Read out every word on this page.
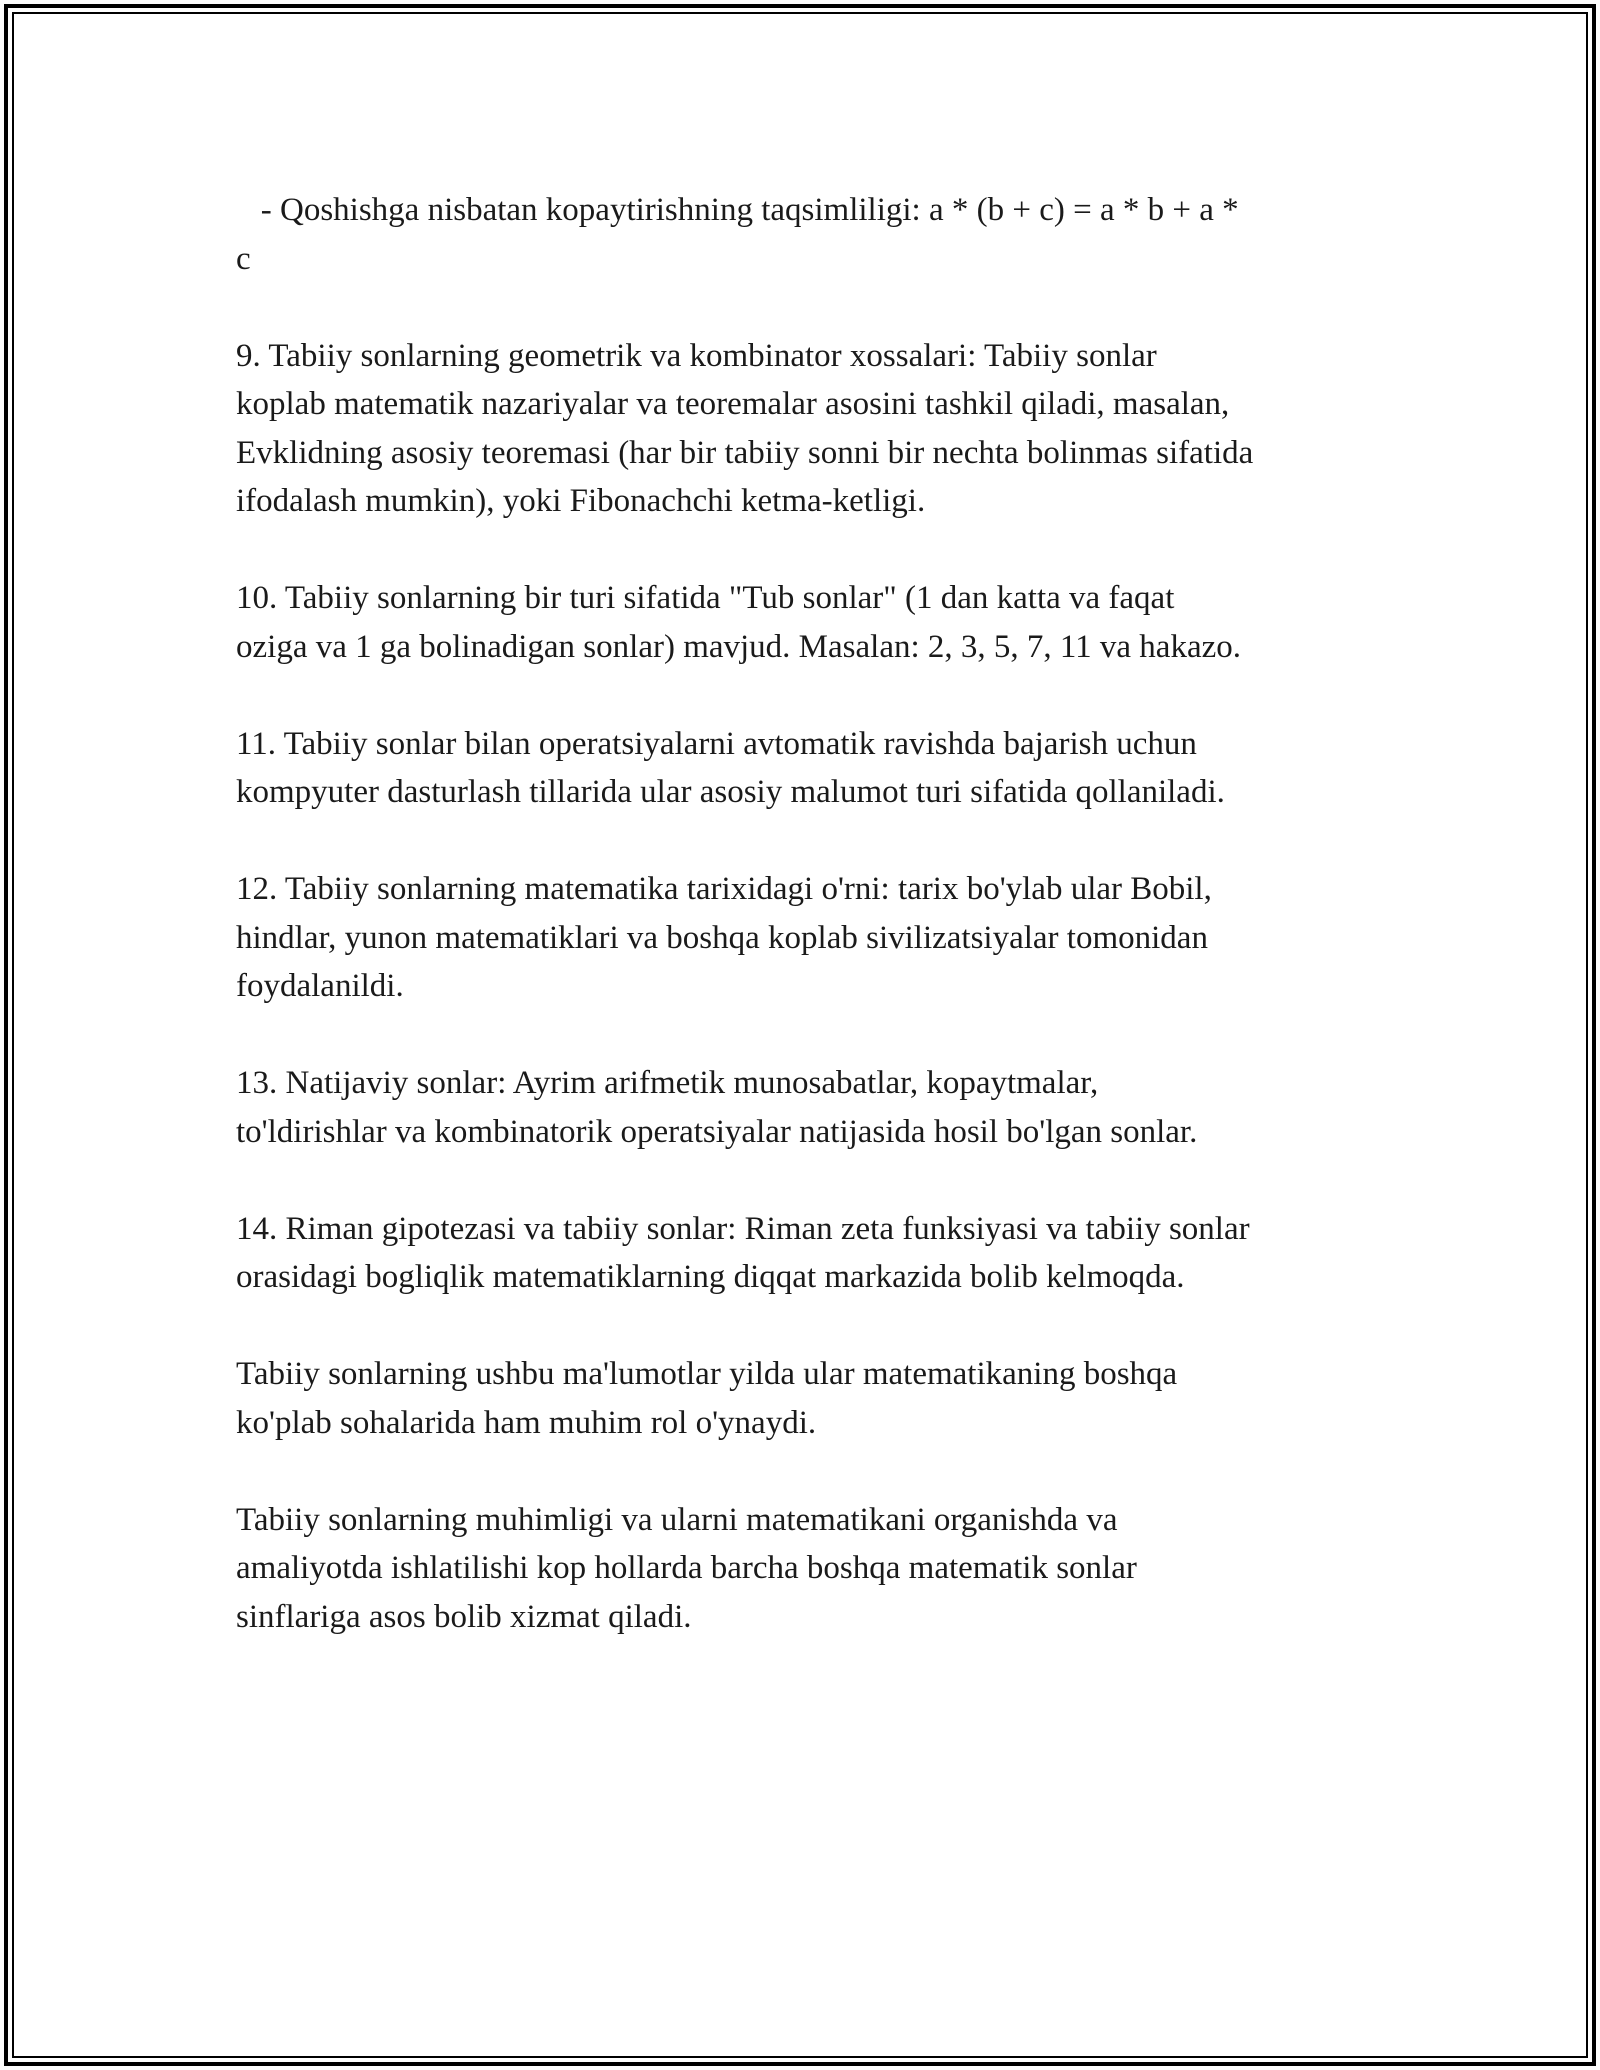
- Qoshishga nisbatan kopaytirishning taqsimliligi: a * (b + c) = a * b + a *
c

9. Tabiiy sonlarning geometrik va kombinator xossalari: Tabiiy sonlar
koplab matematik nazariyalar va teoremalar asosini tashkil qiladi, masalan,
Evklidning asosiy teoremasi (har bir tabiiy sonni bir nechta bolinmas sifatida
ifodalash mumkin), yoki Fibonachchi ketma-ketligi.

10. Tabiiy sonlarning bir turi sifatida "Tub sonlar" (1 dan katta va faqat
oziga va 1 ga bolinadigan sonlar) mavjud. Masalan: 2, 3, 5, 7, 11 va hakazo.

11. Tabiiy sonlar bilan operatsiyalarni avtomatik ravishda bajarish uchun
kompyuter dasturlash tillarida ular asosiy malumot turi sifatida qollaniladi.

12. Tabiiy sonlarning matematika tarixidagi o'rni: tarix bo'ylab ular Bobil,
hindlar, yunon matematiklari va boshqa koplab sivilizatsiyalar tomonidan
foydalanildi.

13. Natijaviy sonlar: Ayrim arifmetik munosabatlar, kopaytmalar,
to'ldirishlar va kombinatorik operatsiyalar natijasida hosil bo'lgan sonlar.

14. Riman gipotezasi va tabiiy sonlar: Riman zeta funksiyasi va tabiiy sonlar
orasidagi bogliqlik matematiklarning diqqat markazida bolib kelmoqda.

Tabiiy sonlarning ushbu ma'lumotlar yilda ular matematikaning boshqa
ko'plab sohalarida ham muhim rol o'ynaydi.

Tabiiy sonlarning muhimligi va ularni matematikani organishda va
amaliyotda ishlatilishi kop hollarda barcha boshqa matematik sonlar
sinflariga asos bolib xizmat qiladi.
